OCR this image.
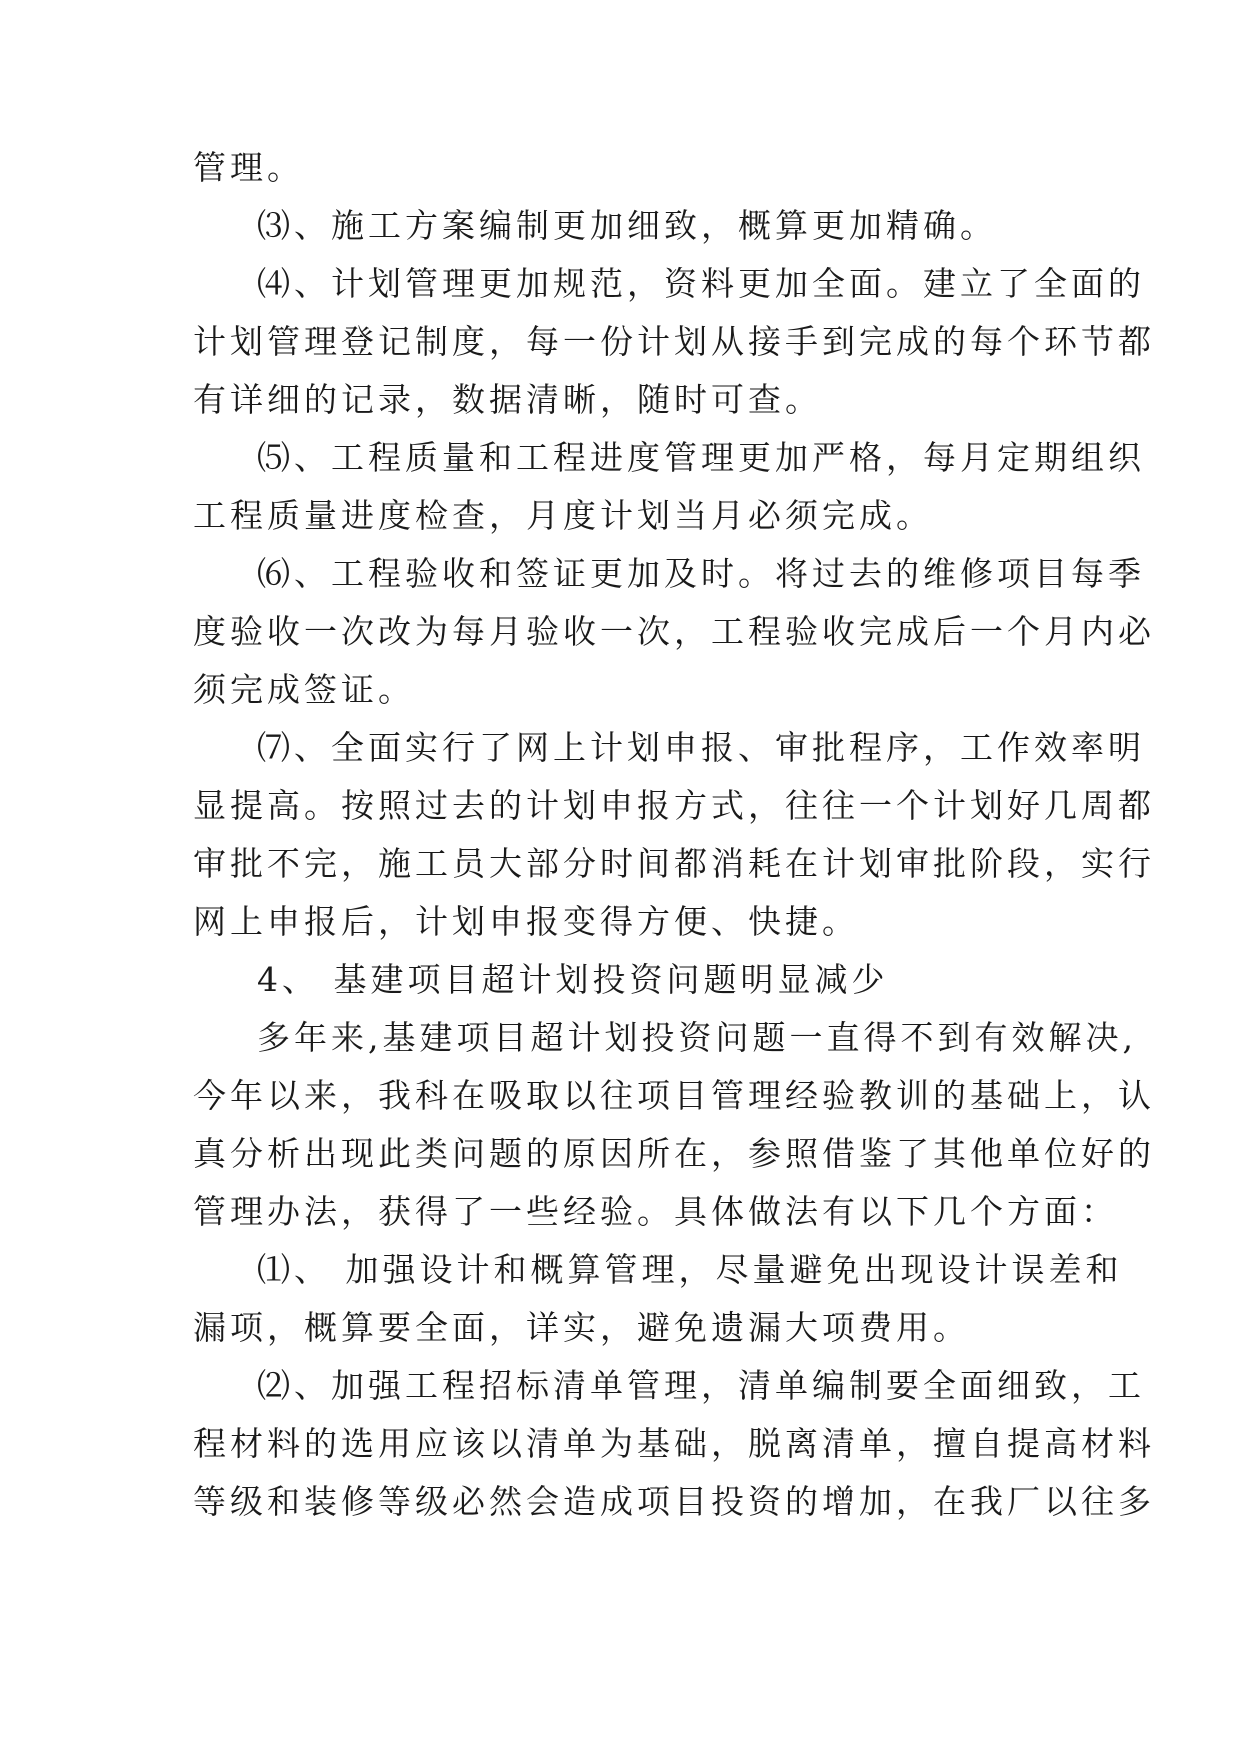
管理。
⑶、施工方案编制更加细致，概算更加精确。
⑷、计划管理更加规范，资料更加全面。建立了全面的
计划管理登记制度，每一份计划从接手到完成的每个环节都
有详细的记录，数据清晰，随时可查。
⑸、工程质量和工程进度管理更加严格，每月定期组织
工程质量进度检查，月度计划当月必须完成。
⑹、工程验收和签证更加及时。将过去的维修项目每季
度验收一次改为每月验收一次，工程验收完成后一个月内必
须完成签证。
⑺、全面实行了网上计划申报、审批程序，工作效率明
显提高。按照过去的计划申报方式，往往一个计划好几周都
审批不完，施工员大部分时间都消耗在计划审批阶段，实行
网上申报后，计划申报变得方便、快捷。
4、 基建项目超计划投资问题明显减少
多年来,基建项目超计划投资问题一直得不到有效解决,
今年以来，我科在吸取以往项目管理经验教训的基础上，认
真分析出现此类问题的原因所在，参照借鉴了其他单位好的
管理办法，获得了一些经验。具体做法有以下几个方面：
⑴、 加强设计和概算管理，尽量避免出现设计误差和
漏项，概算要全面，详实，避免遗漏大项费用。
⑵、加强工程招标清单管理，清单编制要全面细致，工
程材料的选用应该以清单为基础，脱离清单，擅自提高材料
等级和装修等级必然会造成项目投资的增加，在我厂以往多
